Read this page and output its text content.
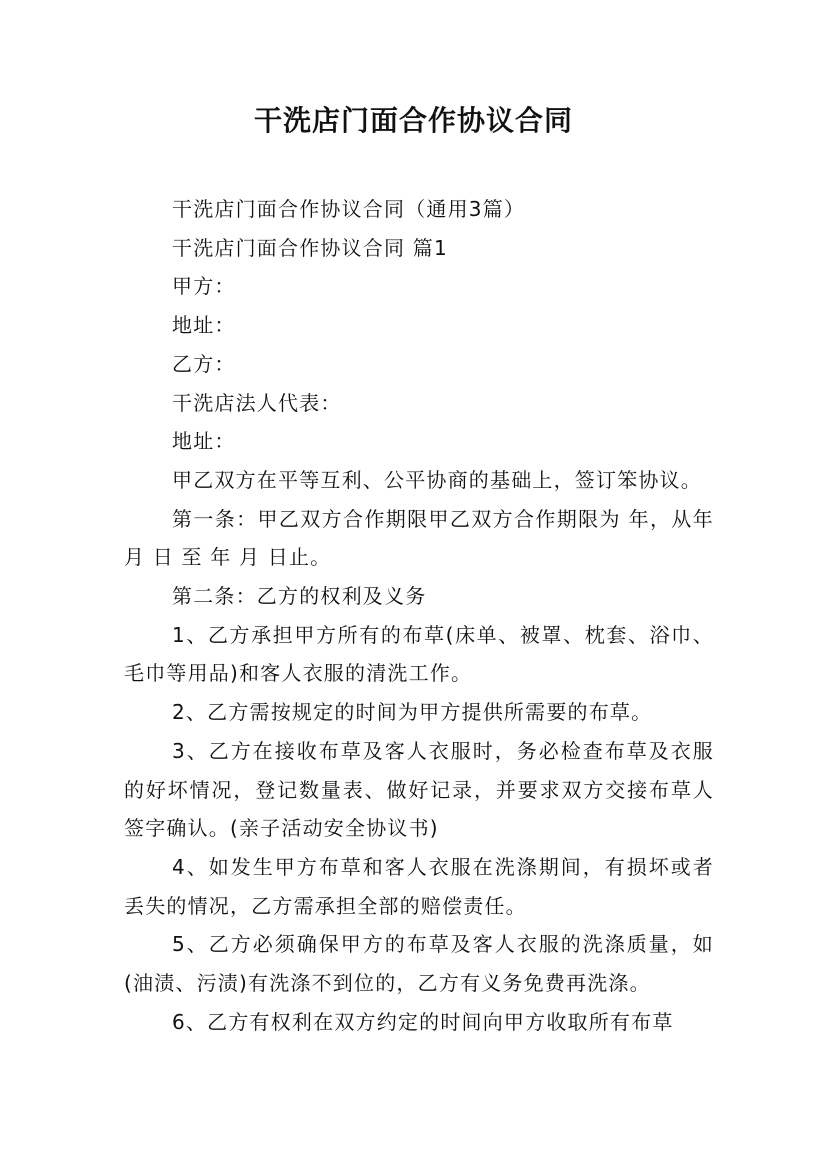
干洗店门面合作协议合同

干洗店门面合作协议合同（通用3篇）

干洗店门面合作协议合同 篇1

甲方：

地址：

乙方：

干洗店法人代表：

地址：

甲乙双方在平等互利、公平协商的基础上，签订笨协议。

第一条：甲乙双方合作期限甲乙双方合作期限为 年，从年 月 日 至 年 月 日止。

第二条：乙方的权利及义务

1、乙方承担甲方所有的布草(床单、被罩、枕套、浴巾、毛巾等用品)和客人衣服的清洗工作。

2、乙方需按规定的时间为甲方提供所需要的布草。

3、乙方在接收布草及客人衣服时，务必检查布草及衣服的好坏情况，登记数量表、做好记录，并要求双方交接布草人签字确认。(亲子活动安全协议书)

4、如发生甲方布草和客人衣服在洗涤期间，有损坏或者丢失的情况，乙方需承担全部的赔偿责任。

5、乙方必须确保甲方的布草及客人衣服的洗涤质量，如(油渍、污渍)有洗涤不到位的，乙方有义务免费再洗涤。

6、乙方有权利在双方约定的时间向甲方收取所有布草
